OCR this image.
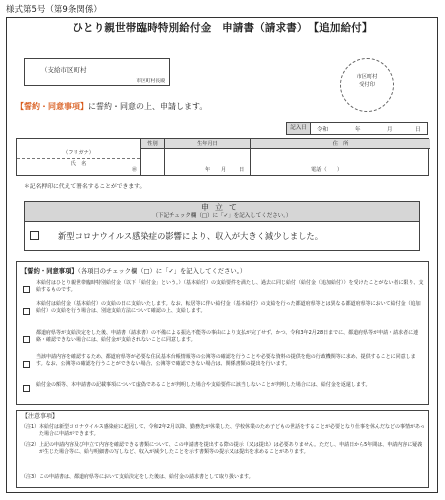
様式第5号（第9条関係）
ひとり親世帯臨時特別給付金　申請書（請求書） 【追加給付】
（支給市区町村
市区町村長殿
市区町村
受付印
【誓約・同意事項】に誓約・同意の上、申請します。
記入日	令和	年	月	日
（フリガナ）
氏　名
㊞
性別	生年月日
年 月 日
住　所
電話（　　）
＊記名押印に代えて署名することができます。
申立て
（下記チェック欄（□）に「✓」を記入してください。）
新型コロナウイルス感染症の影響により、収入が大きく減少しました。
【誓約・同意事項】（各項目のチェック欄（□）に「✓」を記入してください。）
本給付はひとり親世帯臨時特別給付金（以下「給付金」という。）（基本給付）の支給要件を満たし、過去に同じ給付（給付金（追加給付））を受けたことがない者に限り、支給するものです。
本給付は給付金（基本給付）の支給の日に支給いたします。なお、転居等に伴い給付金（基本給付）の支給を行った都道府県等とは異なる都道府県等において給付金（追加給付）の支給を行う場合は、別途支給方法について確認の上、支給します。
都道府県等が支給決定をした後、申請書（請求書）の不備による振込不能等の事由により支払が完了せず、かつ、令和3年2月28日までに、都道府県等が申請・請求者に連絡・確認できない場合には、給付金が支給されないことに同意します。
当該申請内容を確認するため、都道府県等が必要な住民基本台帳情報等の公簿等の確認を行うことや必要な資料の提供を他の行政機関等に求め、提供することに同意します。なお、公簿等の確認を行うことができない場合、公簿等で確認できない場合は、関係書類の提出を行います。
給付金の額等、本申請書の記載事項について虚偽であることが判明した場合や支給要件に該当しないことが判明した場合には、給付金を返還します。
【注意事項】
（注1） 本給付は新型コロナウイルス感染症に起因して、令和2年2月以降、勤務先が休業した、学校休業のため子どもの世話をすることが必要となり仕事を休んだなどの事情があった場合に申請ができます。
（注2） 上記の申請内容及び申立て内容を確認できる書類について、この申請書を提出する際の提示（又は提出）は必要ありません。ただし、申請日から5年間は、申請内容に疑義が生じた場合等に、給与明細書の写しなど、収入が減少したことを示す書類等の提示又は提出を求めることがあります。
（注3） この申請書は、都道府県等において支給決定をした後は、給付金の請求書として取り扱います。
